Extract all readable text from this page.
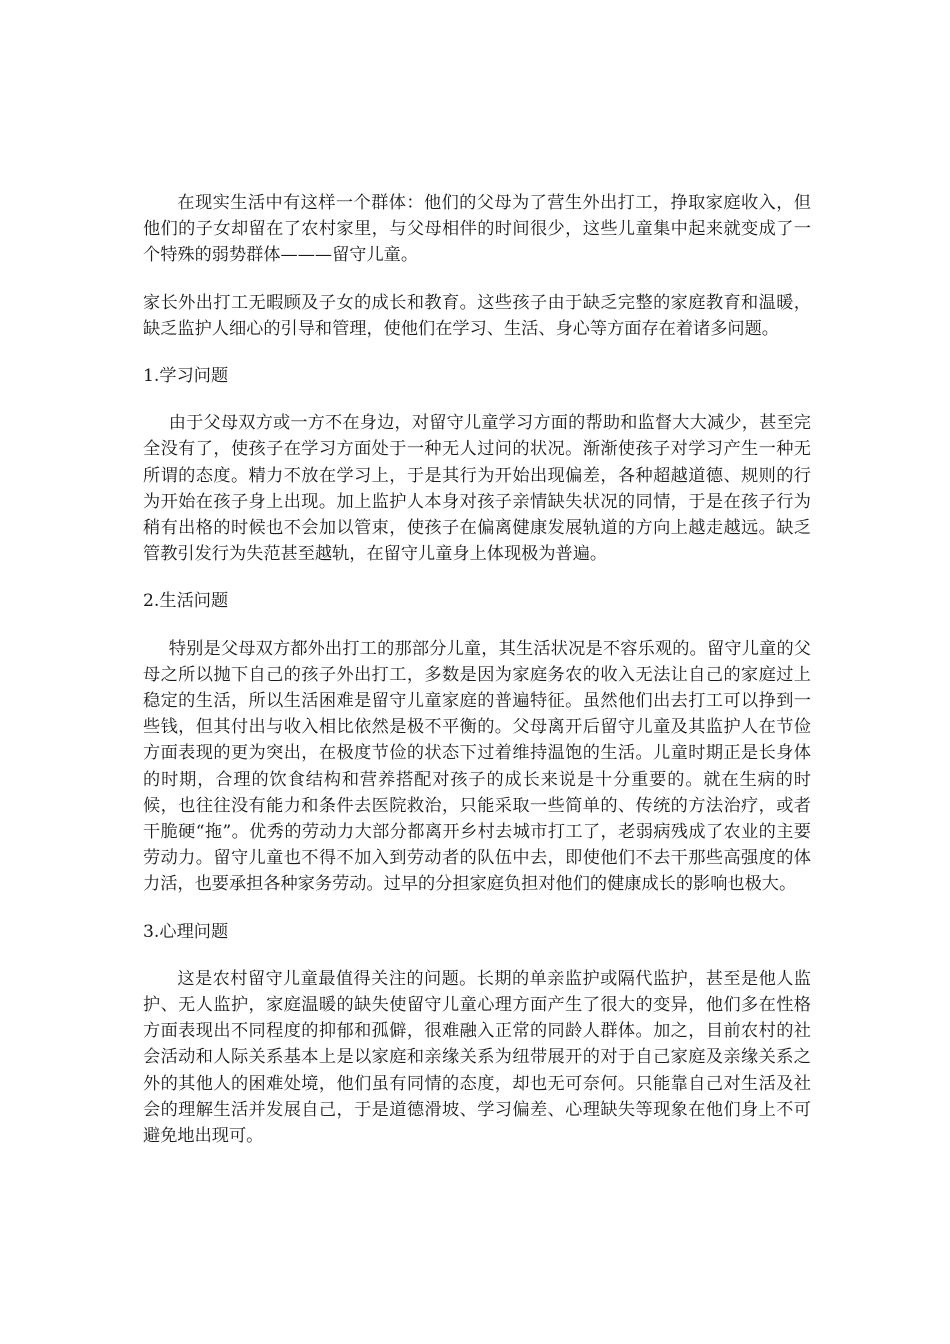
在现实生活中有这样一个群体：他们的父母为了营生外出打工，挣取家庭收入，但他们的子女却留在了农村家里，与父母相伴的时间很少，这些儿童集中起来就变成了一个特殊的弱势群体———留守儿童。

家长外出打工无暇顾及子女的成长和教育。这些孩子由于缺乏完整的家庭教育和温暖，缺乏监护人细心的引导和管理，使他们在学习、生活、身心等方面存在着诸多问题。

1.学习问题

由于父母双方或一方不在身边，对留守儿童学习方面的帮助和监督大大减少，甚至完全没有了，使孩子在学习方面处于一种无人过问的状况。渐渐使孩子对学习产生一种无所谓的态度。精力不放在学习上，于是其行为开始出现偏差，各种超越道德、规则的行为开始在孩子身上出现。加上监护人本身对孩子亲情缺失状况的同情，于是在孩子行为稍有出格的时候也不会加以管束，使孩子在偏离健康发展轨道的方向上越走越远。缺乏管教引发行为失范甚至越轨，在留守儿童身上体现极为普遍。

2.生活问题

特别是父母双方都外出打工的那部分儿童，其生活状况是不容乐观的。留守儿童的父母之所以抛下自己的孩子外出打工，多数是因为家庭务农的收入无法让自己的家庭过上稳定的生活，所以生活困难是留守儿童家庭的普遍特征。虽然他们出去打工可以挣到一些钱，但其付出与收入相比依然是极不平衡的。父母离开后留守儿童及其监护人在节俭方面表现的更为突出，在极度节俭的状态下过着维持温饱的生活。儿童时期正是长身体的时期，合理的饮食结构和营养搭配对孩子的成长来说是十分重要的。就在生病的时候，也往往没有能力和条件去医院救治，只能采取一些简单的、传统的方法治疗，或者干脆硬“拖”。优秀的劳动力大部分都离开乡村去城市打工了，老弱病残成了农业的主要劳动力。留守儿童也不得不加入到劳动者的队伍中去，即使他们不去干那些高强度的体力活，也要承担各种家务劳动。过早的分担家庭负担对他们的健康成长的影响也极大。

3.心理问题

这是农村留守儿童最值得关注的问题。长期的单亲监护或隔代监护，甚至是他人监护、无人监护，家庭温暖的缺失使留守儿童心理方面产生了很大的变异，他们多在性格方面表现出不同程度的抑郁和孤僻，很难融入正常的同龄人群体。加之，目前农村的社会活动和人际关系基本上是以家庭和亲缘关系为纽带展开的对于自己家庭及亲缘关系之外的其他人的困难处境，他们虽有同情的态度，却也无可奈何。只能靠自己对生活及社会的理解生活并发展自己，于是道德滑坡、学习偏差、心理缺失等现象在他们身上不可避免地出现可。
